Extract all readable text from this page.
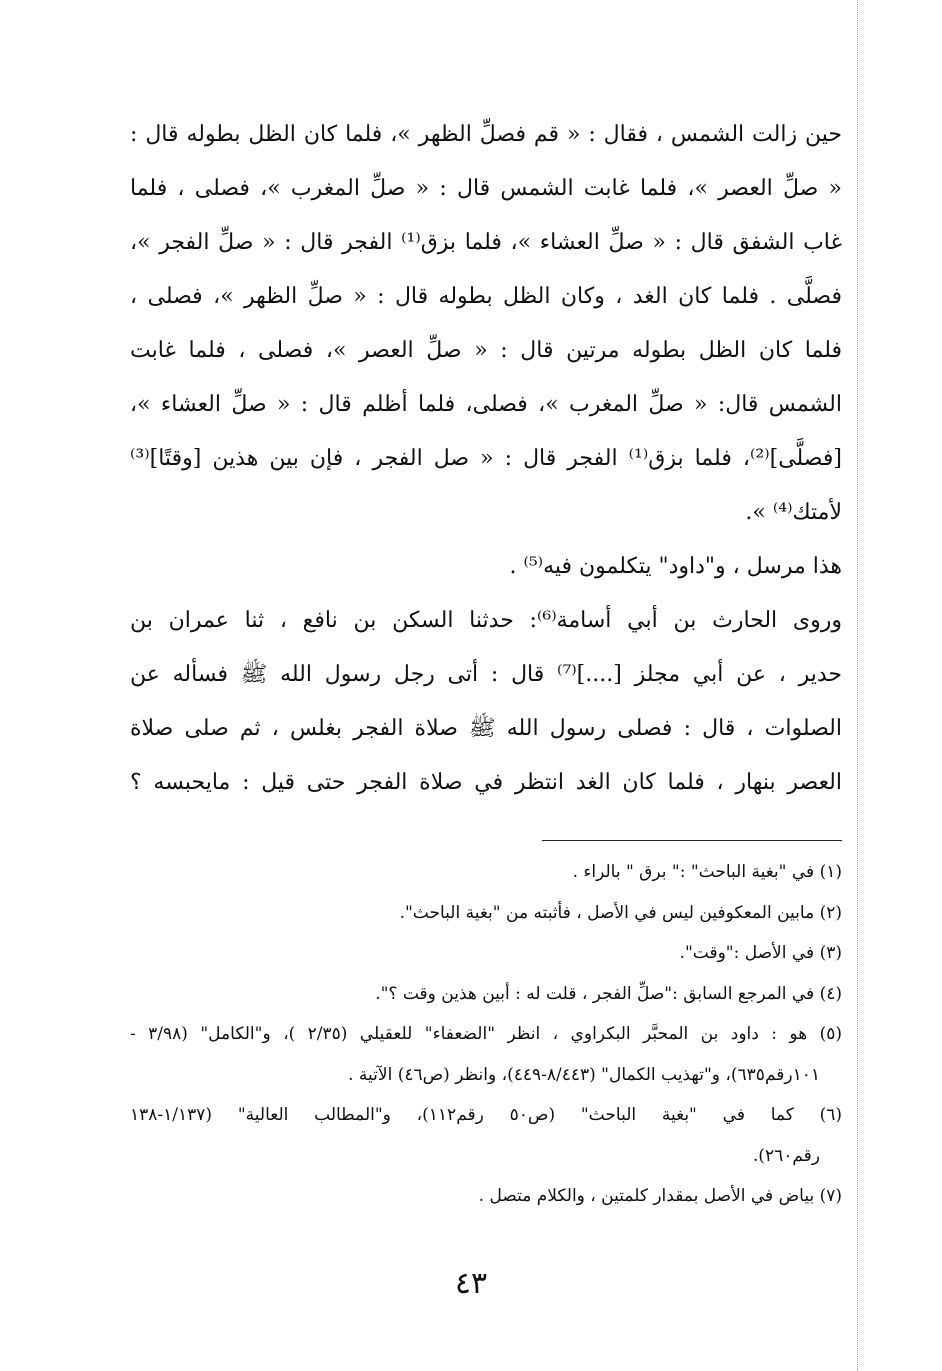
حين زالت الشمس ، فقال : « قم فصلِّ الظهر »، فلما كان الظل بطوله قال :
« صلِّ العصر »، فلما غابت الشمس قال : « صلِّ المغرب »، فصلى ، فلما
غاب الشفق قال : « صلِّ العشاء »، فلما بزق⁽¹⁾ الفجر قال : « صلِّ الفجر »،
فصلَّى . فلما كان الغد ، وكان الظل بطوله قال : « صلِّ الظهر »، فصلى ،
فلما كان الظل بطوله مرتين قال : « صلِّ العصر »، فصلى ، فلما غابت
الشمس قال: « صلِّ المغرب »، فصلى، فلما أظلم قال : « صلِّ العشاء »،
[فصلَّى]⁽²⁾، فلما بزق⁽¹⁾ الفجر قال : « صل الفجر ، فإن بين هذين [وقتًا]⁽³⁾
لأمتك⁽⁴⁾ ».
هذا مرسل ، و"داود" يتكلمون فيه⁽⁵⁾ .
وروى الحارث بن أبي أسامة⁽⁶⁾: حدثنا السكن بن نافع ، ثنا عمران بن
حدير ، عن أبي مجلز [....]⁽⁷⁾ قال : أتى رجل رسول الله ﷺ فسأله عن
الصلوات ، قال : فصلى رسول الله ﷺ صلاة الفجر بغلس ، ثم صلى صلاة
العصر بنهار ، فلما كان الغد انتظر في صلاة الفجر حتى قيل : مايحبسه ؟
(١) في "بغية الباحث" :" برق " بالراء .
(٢) مابين المعكوفين ليس في الأصل ، فأثبته من "بغية الباحث".
(٣) في الأصل :"وقت".
(٤) في المرجع السابق :"صلِّ الفجر ، قلت له : أبين هذين وقت ؟".
(٥) هو : داود بن المحبَّر البكراوي ، انظر "الضعفاء" للعقيلي (٢/٣٥ )، و"الكامل" (٣/٩٨ -
١٠١رقم٦٣٥)، و"تهذيب الكمال" (٨/٤٤٣-٤٤٩)، وانظر (ص٤٦) الآتية .
(٦) كما في "بغية الباحث" (ص٥٠ رقم١١٢)، و"المطالب العالية" (١/١٣٧-١٣٨
رقم٢٦٠).
(٧) بياض في الأصل بمقدار كلمتين ، والكلام متصل .
٤٣
